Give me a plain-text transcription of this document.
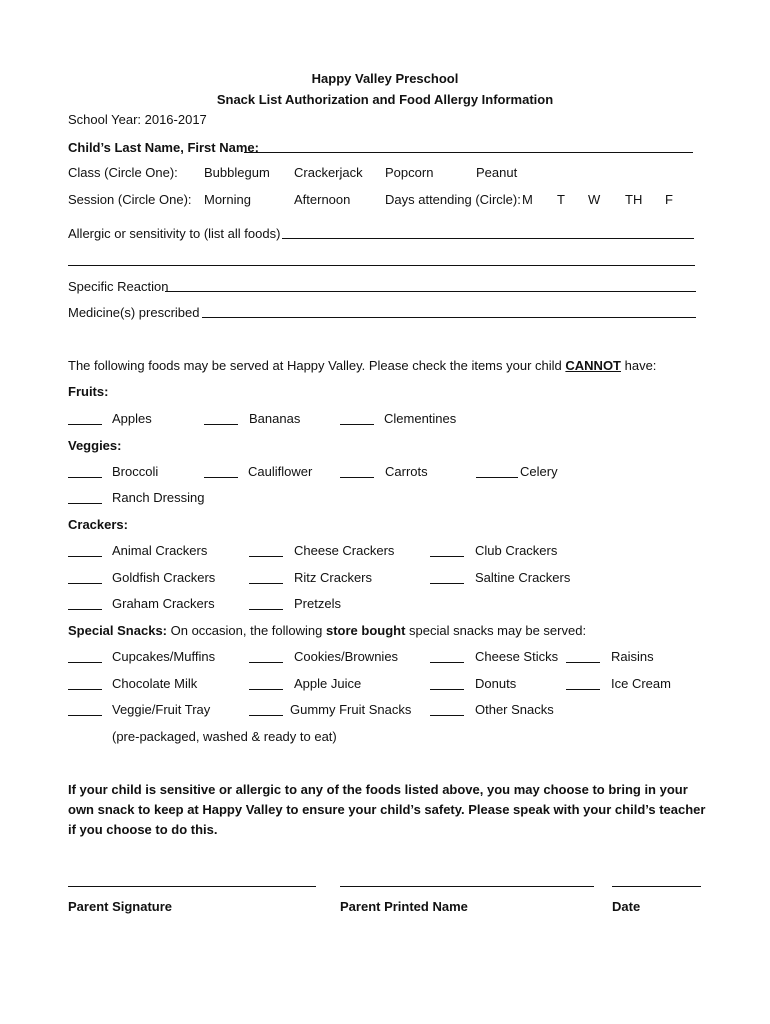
Happy Valley Preschool
Snack List Authorization and Food Allergy Information
School Year: 2016-2017
Child’s Last Name, First Name:
Class (Circle One): Bubblegum Crackerjack Popcorn	Peanut
Session (Circle One): Morning	Afternoon	Days attending (Circle): M T W TH F
Allergic or sensitivity to (list all foods)
Specific Reaction
Medicine(s) prescribed
The following foods may be served at Happy Valley. Please check the items your child CANNOT have:
Fruits:
Apples	Bananas	Clementines
Veggies:
Broccoli	Cauliflower	Carrots	Celery
Ranch Dressing
Crackers:
Animal Crackers	Cheese Crackers	Club Crackers
Goldfish Crackers	Ritz Crackers	Saltine Crackers
Graham Crackers	Pretzels
Special Snacks: On occasion, the following store bought special snacks may be served:
Cupcakes/Muffins	Cookies/Brownies	Cheese Sticks	Raisins
Chocolate Milk	Apple Juice	Donuts	Ice Cream
Veggie/Fruit Tray	Gummy Fruit Snacks	Other Snacks
(pre-packaged, washed & ready to eat)
If your child is sensitive or allergic to any of the foods listed above, you may choose to bring in your own snack to keep at Happy Valley to ensure your child’s safety. Please speak with your child’s teacher if you choose to do this.
Parent Signature	Parent Printed Name	Date
